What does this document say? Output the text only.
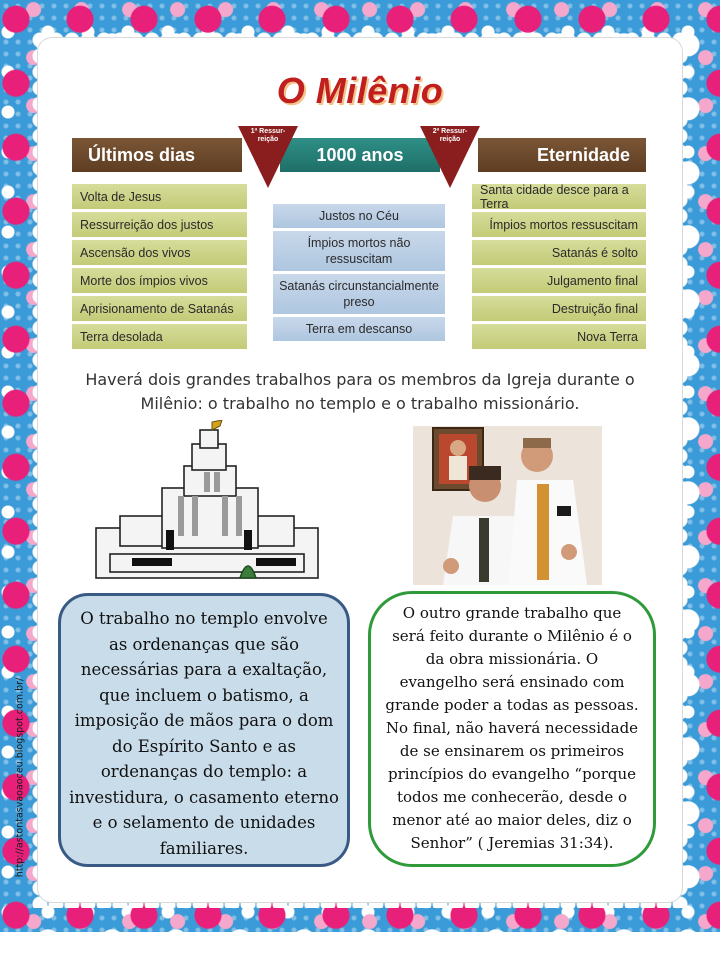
O Milênio
Últimos dias	1000 anos	Eternidade
1ª Ressur-reição
2ª Ressur-reição
Volta de Jesus
Ressurreição dos justos
Ascensão dos vivos
Morte dos ímpios vivos
Aprisionamento de Satanás
Terra desolada
Justos no Céu
Ímpios mortos não ressuscitam
Satanás circunstancialmente preso
Terra em descanso
Santa cidade desce para a Terra
Ímpios mortos ressuscitam
Satanás é solto
Julgamento final
Destruição final
Nova Terra
Haverá dois grandes trabalhos para os membros da Igreja durante o Milênio: o trabalho no templo e o trabalho missionário.
O trabalho no templo envolve as ordenanças que são necessárias para a exaltação, que incluem o batismo, a imposição de mãos para o dom do Espírito Santo e as ordenanças do templo: a investidura, o casamento eterno e o selamento de unidades familiares.
O outro grande trabalho que será feito durante o Milênio é o da obra missionária. O evangelho será ensinado com grande poder a todas as pessoas. No final, não haverá necessidade de se ensinarem os primeiros princípios do evangelho “porque todos me conhecerão, desde o menor até ao maior deles, diz o Senhor” ( Jeremias 31:34).
http://astontasvaoaoceu.blogspot.com.br/
